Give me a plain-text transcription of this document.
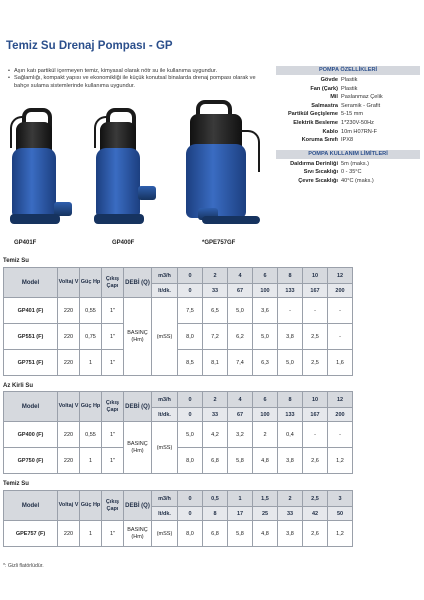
Temiz Su Drenaj Pompası - GP
• Aşırı katı partikül içermeyen temiz, kimyasal olarak nötr su ile kullanıma uygundur.
• Sağlamlığı, kompakt yapısı ve ekonomikliği ile küçük konutsal binalarda drenaj pompası olarak ve bahçe sulama sistemlerinde kullanıma uygundur.
GP401F	GP400F	*GPE757GF
POMPA ÖZELLİKLERİ
Gövde Plastik
Fan (Çark) Plastik
Mil Paslanmaz Çelik
Salmastra Seramik - Grafit
Partikül Geçişleme 5-15 mm
Elektrik Besleme 1*230V-50Hz
Kablo 10m H07RN-F
Koruma Sınıfı IPX8
POMPA KULLANIM LİMİTLERİ
Daldırma Derinliği 5m (maks.)
Sıvı Sıcaklığı 0 - 35°C
Çevre Sıcaklığı 40°C (maks.)
Temiz Su
Model	Voltaj V	Güç Hp	Çıkış Çapı	DEBİ (Q)	m3/h	0	2	4	6	8	10	12
					lt/dk.	0	33	67	100	133	167	200
GP401 (F)	220	0,55	1"	BASINÇ (Hm)	(mSS)	7,5	6,5	5,0	3,6	-	-	-
GP551 (F)	220	0,75	1"			8,0	7,2	6,2	5,0	3,8	2,5	-
GP751 (F)	220	1	1"			8,5	8,1	7,4	6,3	5,0	2,5	1,6
Az Kirli Su
Model	Voltaj V	Güç Hp	Çıkış Çapı	DEBİ (Q)	m3/h	0	2	4	6	8	10	12
					lt/dk.	0	33	67	100	133	167	200
GP400 (F)	220	0,55	1"	BASINÇ (Hm)	(mSS)	5,0	4,2	3,2	2	0,4	-	-
GP750 (F)	220	1	1"			8,0	6,8	5,8	4,8	3,8	2,6	1,2
Temiz Su
Model	Voltaj V	Güç Hp	Çıkış Çapı	DEBİ (Q)	m3/h	0	0,5	1	1,5	2	2,5	3
					lt/dk.	0	8	17	25	33	42	50
GPE757 (F)	220	1	1"	BASINÇ (Hm)	(mSS)	8,0	6,8	5,8	4,8	3,8	2,6	1,2
*: Gizli flatörlüdür.
